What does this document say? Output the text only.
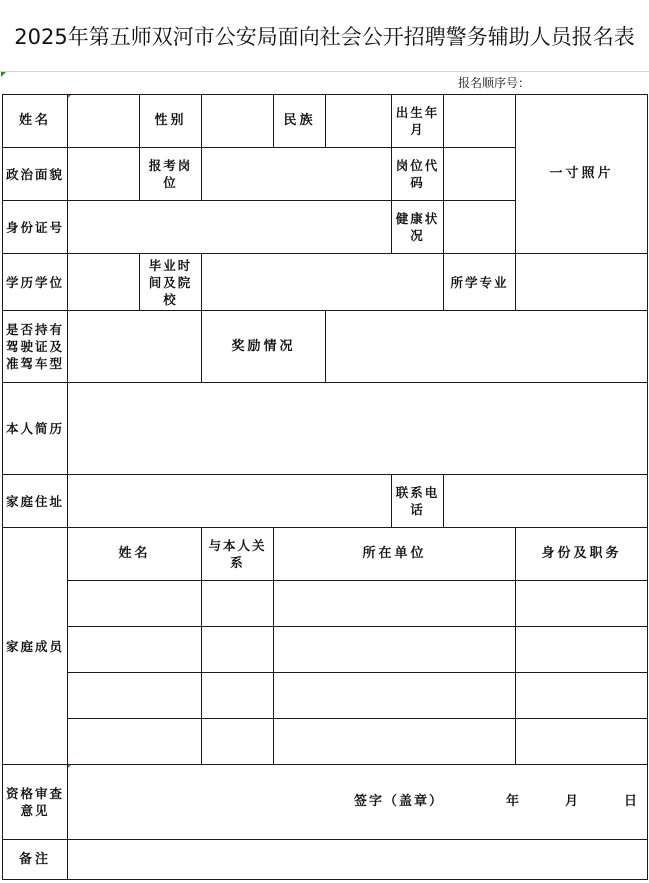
2025年第五师双河市公安局面向社会公开招聘警务辅助人员报名表
报名顺序号：
姓名		性别		民族		出生年月		一寸照片
政治面貌		报考岗位				岗位代码		
身份证号						健康状况		
学历学位		毕业时间及院校					所学专业	
是否持有驾驶证及准驾车型			奖励情况					
本人简历								
家庭住址						联系电话		
家庭成员	姓名		与本人关系	所在单位				身份及职务

资格审查意见	签字（盖章） 年 月 日							

备注								
